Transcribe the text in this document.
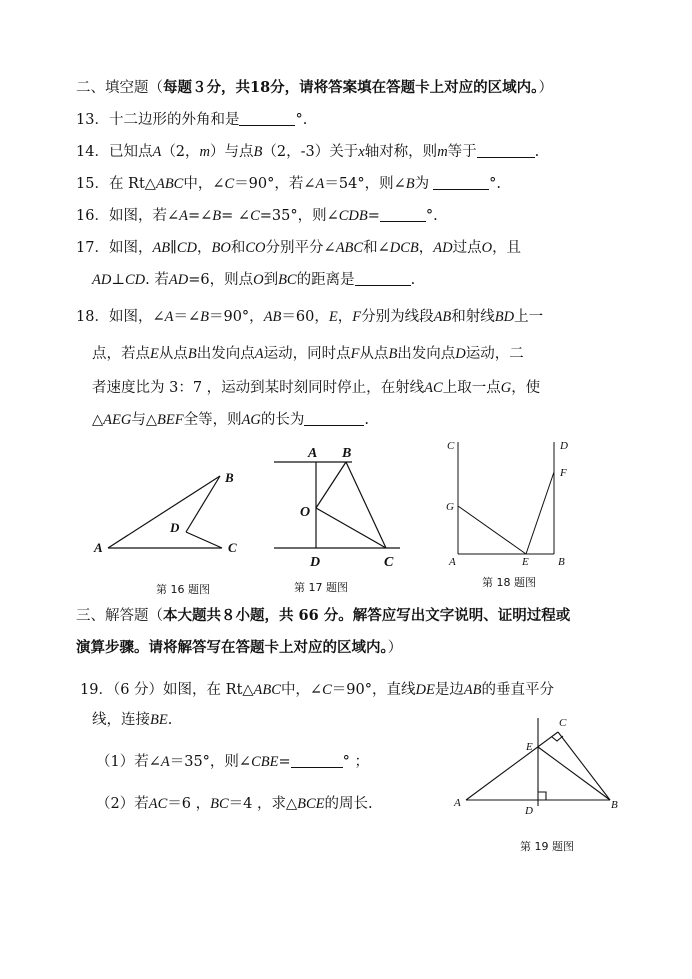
二、填空题（每题３分，共18分，请将答案填在答题卡上对应的区域内。）
13．十二边形的外角和是	°.
14．已知点A（2，m）与点B（2，-3）关于x轴对称，则m等于	.
15．在 Rt△ABC中，∠C＝90°，若∠A＝54°，则∠B为	°.
16．如图，若∠A=∠B= ∠C=35°，则∠CDB=	°.
17．如图，AB∥CD，BO和CO分别平分∠ABC和∠DCB，AD过点O，且
AD⊥CD. 若AD=6，则点O到BC的距离是	.
18．如图，∠A＝∠B＝90°，AB＝60，E，F分别为线段AB和射线BD上一
点，若点E从点B出发向点A运动，同时点F从点B出发向点D运动，二
者速度比为 3：7 ，运动到某时刻同时停止，在射线AC上取一点G，使
△AEG与△BEF全等，则AG的长为	.
A
B
C
D
第 16 题图
A B
O
D	C
第 17 题图
C	D
F
G
A	E	B
第 18 题图
三、解答题（本大题共８小题，共 66 分。解答应写出文字说明、证明过程或
演算步骤。请将解答写在答题卡上对应的区域内。）
19．（6 分）如图，在 Rt△ABC中，∠C＝90°，直线DE是边AB的垂直平分
线，连接BE.
（1）若∠A＝35°，则∠CBE=	° ；
（2）若AC＝6 ，BC＝4 ，求△BCE的周长.	A	B
C
D
E
第 19 题图
